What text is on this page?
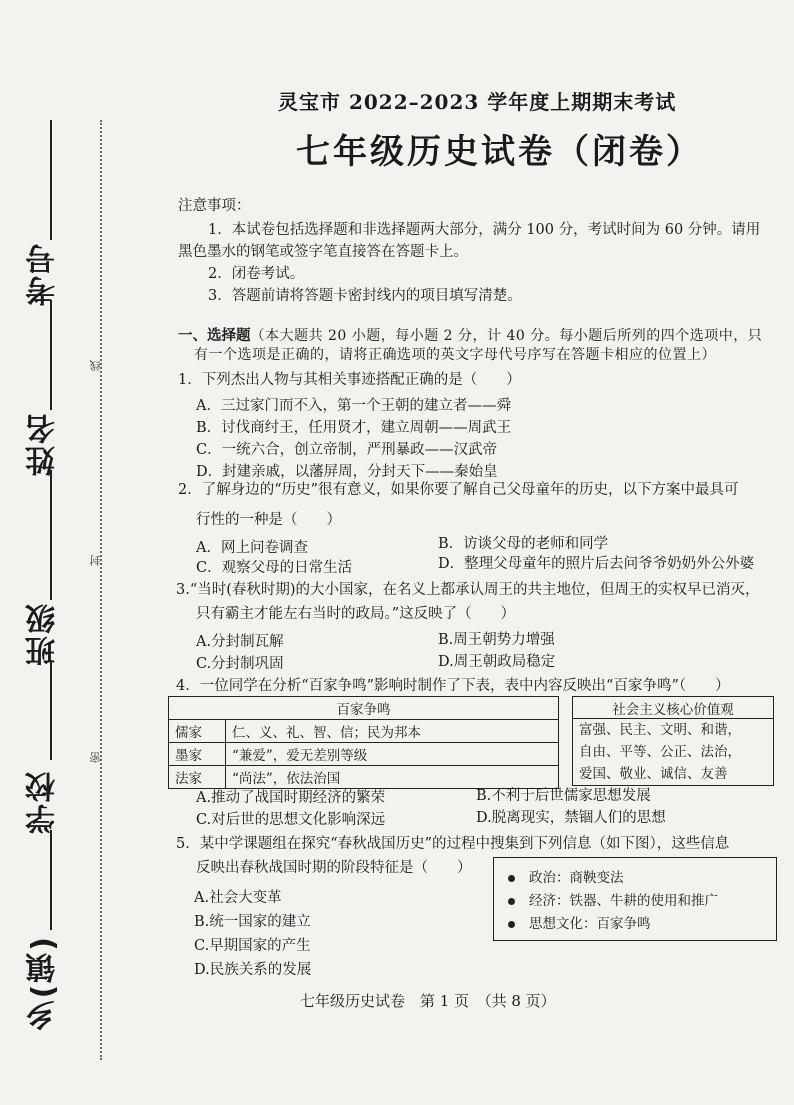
考号
姓名
班级
学校
乡(镇)
线
封
密
灵宝市 2022–2023 学年度上期期末考试
七年级历史试卷（闭卷）
注意事项：
1．本试卷包括选择题和非选择题两大部分，满分 100 分，考试时间为 60 分钟。请用
黑色墨水的钢笔或签字笔直接答在答题卡上。
2．闭卷考试。
3．答题前请将答题卡密封线内的项目填写清楚。
一、选择题（本大题共 20 小题，每小题 2 分，计 40 分。每小题后所列的四个选项中，只
有一个选项是正确的，请将正确选项的英文字母代号序写在答题卡相应的位置上）
1．下列杰出人物与其相关事迹搭配正确的是（　　）
A．三过家门而不入，第一个王朝的建立者——舜
B．讨伐商纣王，任用贤才，建立周朝——周武王
C．一统六合，创立帝制，严刑暴政——汉武帝
D．封建亲戚，以藩屏周，分封天下——秦始皇
2．了解身边的“历史”很有意义，如果你要了解自己父母童年的历史，以下方案中最具可
行性的一种是（　　）
A．网上问卷调查	B．访谈父母的老师和同学
C．观察父母的日常生活	D．整理父母童年的照片后去问爷爷奶奶外公外婆
3.“当时(春秋时期)的大小国家，在名义上都承认周王的共主地位，但周王的实权早已消灭，
只有霸主才能左右当时的政局。”这反映了（　　）
A.分封制瓦解	B.周王朝势力增强
C.分封制巩固	D.周王朝政局稳定
4．一位同学在分析“百家争鸣”影响时制作了下表，表中内容反映出“百家争鸣”（　　）
百家争鸣	
儒家	仁、义、礼、智、信；民为邦本
墨家	“兼爱”，爱无差别等级
法家	“尚法”，依法治国
社会主义核心价值观
富强、民主、文明、和谐，
自由、平等、公正、法治，
爱国、敬业、诚信、友善
A.推动了战国时期经济的繁荣	B.不利于后世儒家思想发展
C.对后世的思想文化影响深远	D.脱离现实，禁锢人们的思想
5．某中学课题组在探究“春秋战国历史”的过程中搜集到下列信息（如下图），这些信息
反映出春秋战国时期的阶段特征是（　　）
A.社会大变革
B.统一国家的建立
C.早期国家的产生
D.民族关系的发展
政治：商鞅变法
经济：铁器、牛耕的使用和推广
思想文化：百家争鸣
七年级历史试卷　第 1 页　（共 8 页）
